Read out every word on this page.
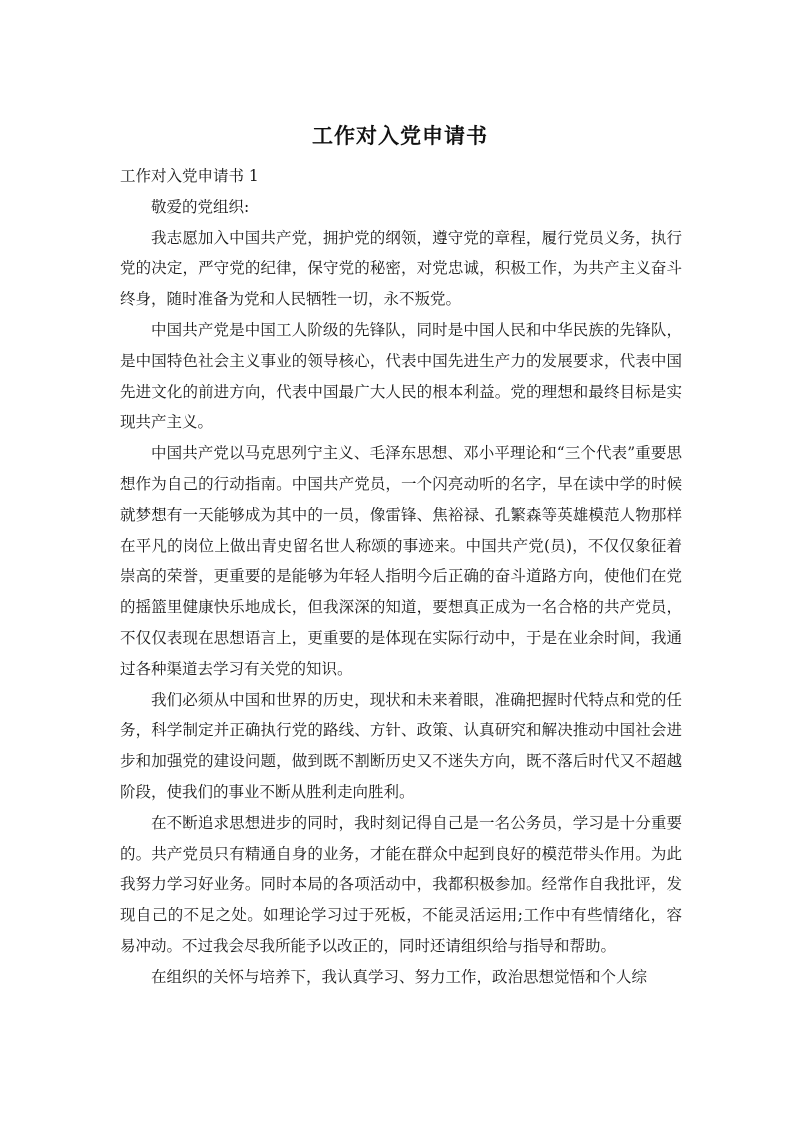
工作对入党申请书

工作对入党申请书 1

敬爱的党组织:

我志愿加入中国共产党，拥护党的纲领，遵守党的章程，履行党员义务，执行党的决定，严守党的纪律，保守党的秘密，对党忠诚，积极工作，为共产主义奋斗终身，随时准备为党和人民牺牲一切，永不叛党。

中国共产党是中国工人阶级的先锋队，同时是中国人民和中华民族的先锋队，是中国特色社会主义事业的领导核心，代表中国先进生产力的发展要求，代表中国先进文化的前进方向，代表中国最广大人民的根本利益。党的理想和最终目标是实现共产主义。

中国共产党以马克思列宁主义、毛泽东思想、邓小平理论和“三个代表”重要思想作为自己的行动指南。中国共产党员，一个闪亮动听的名字，早在读中学的时候就梦想有一天能够成为其中的一员，像雷锋、焦裕禄、孔繁森等英雄模范人物那样在平凡的岗位上做出青史留名世人称颂的事迹来。中国共产党(员)，不仅仅象征着崇高的荣誉，更重要的是能够为年轻人指明今后正确的奋斗道路方向，使他们在党的摇篮里健康快乐地成长，但我深深的知道，要想真正成为一名合格的共产党员，不仅仅表现在思想语言上，更重要的是体现在实际行动中，于是在业余时间，我通过各种渠道去学习有关党的知识。

我们必须从中国和世界的历史，现状和未来着眼，准确把握时代特点和党的任务，科学制定并正确执行党的路线、方针、政策、认真研究和解决推动中国社会进步和加强党的建设问题，做到既不割断历史又不迷失方向，既不落后时代又不超越阶段，使我们的事业不断从胜利走向胜利。

在不断追求思想进步的同时，我时刻记得自己是一名公务员，学习是十分重要的。共产党员只有精通自身的业务，才能在群众中起到良好的模范带头作用。为此我努力学习好业务。同时本局的各项活动中，我都积极参加。经常作自我批评，发现自己的不足之处。如理论学习过于死板，不能灵活运用;工作中有些情绪化，容易冲动。不过我会尽我所能予以改正的，同时还请组织给与指导和帮助。

在组织的关怀与培养下，我认真学习、努力工作，政治思想觉悟和个人综
